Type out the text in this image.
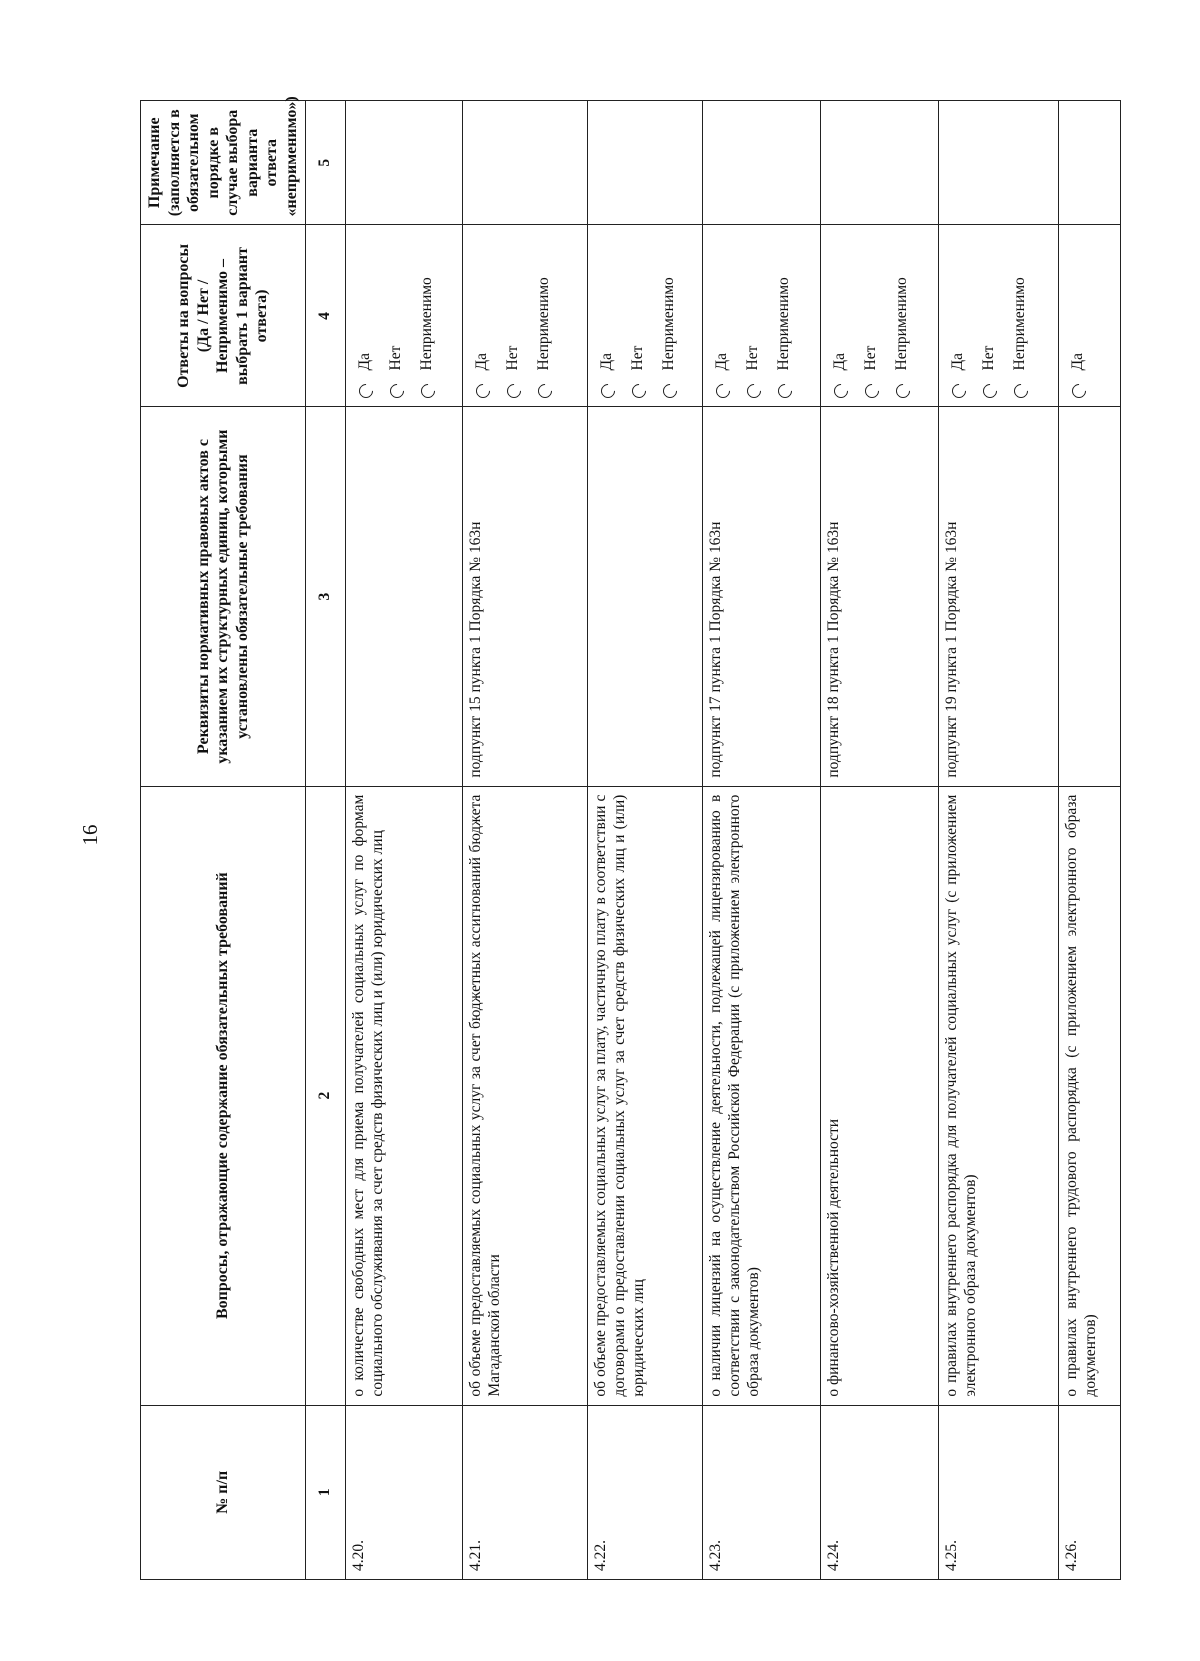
16
№ п/п	Вопросы, отражающие содержание обязательных требований	Реквизиты нормативных правовых актов с указанием их структурных единиц, которыми установлены обязательные требования	Ответы на вопросы (Да / Нет / Неприменимо – выбрать 1 вариант ответа)	Примечание (заполняется в обязательном порядке в случае выбора варианта ответа «неприменимо»)
1	2	3	4	5
4.20.	о количестве свободных мест для приема получателей социальных услуг по формам социального обслуживания за счет средств физических лиц и (или) юридических лиц		Да Нет Неприменимо	

4.21.	об объеме предоставляемых социальных услуг за счет бюджетных ассигнований бюджета Магаданской области	подпункт 15 пункта 1 Порядка № 163н	Да Нет Неприменимо	

4.22.	об объеме предоставляемых социальных услуг за плату, частичную плату в соответствии с договорами о предоставлении социальных услуг за счет средств физических лиц и (или) юридических лиц		Да Нет Неприменимо	

4.23.	о наличии лицензий на осуществление деятельности, подлежащей лицензированию в соответствии с законодательством Российской Федерации (с приложением электронного образа документов)	подпункт 17 пункта 1 Порядка № 163н	Да Нет Неприменимо	

4.24.	о финансово-хозяйственной деятельности	подпункт 18 пункта 1 Порядка № 163н	Да Нет Неприменимо	

4.25.	о правилах внутреннего распорядка для получателей социальных услуг (с приложением электронного образа документов)	подпункт 19 пункта 1 Порядка № 163н	Да Нет Неприменимо	

4.26.	о правилах внутреннего трудового распорядка (с приложением электронного образа документов)		Да	
